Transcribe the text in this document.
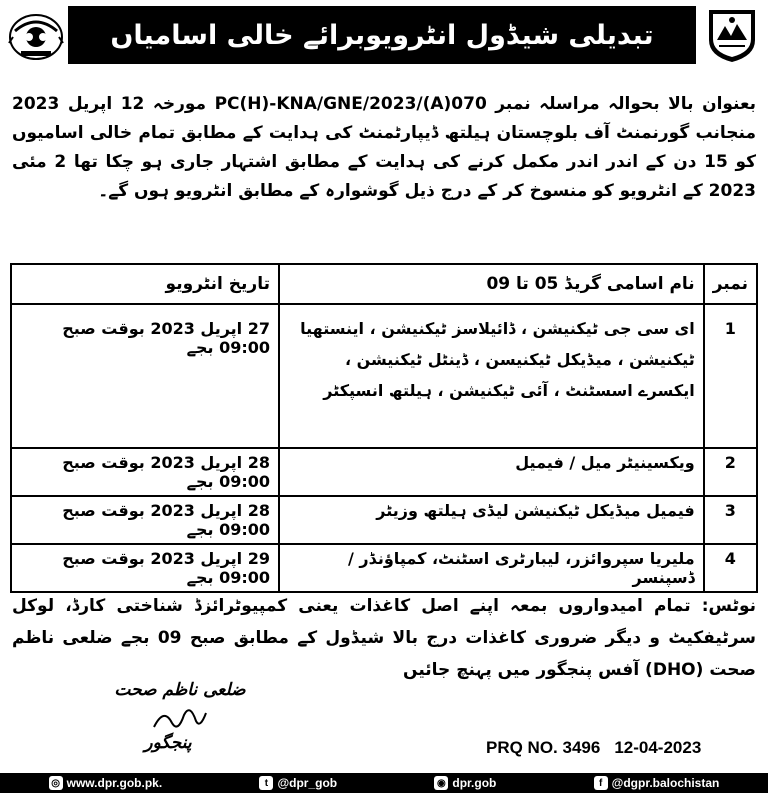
تبدیلی شیڈول انٹرویوبرائے خالی اسامیاں
بعنوان بالا بحوالہ مراسلہ نمبر PC(H)-KNA/GNE/2023/(A)070 مورخہ 12 اپریل 2023 منجانب گورنمنٹ آف بلوچستان ہیلتھ ڈیپارٹمنٹ کی ہدایت کے مطابق تمام خالی اسامیوں کو 15 دن کے اندر اندر مکمل کرنے کی ہدایت کے مطابق اشتہار جاری ہو چکا تھا 2 مئی 2023 کے انٹرویو کو منسوخ کر کے درج ذیل گوشوارہ کے مطابق انٹرویو ہوں گے۔
نمبر	نام اسامی گریڈ 05 تا 09	تاریخ انٹرویو
1	ای سی جی ٹیکنیشن ، ڈائیلاسز ٹیکنیشن ، اینستھیا ٹیکنیشن ، میڈیکل ٹیکنیسن ، ڈینٹل ٹیکنیشن ، ایکسرے اسسٹنٹ ، آئی ٹیکنیشن ، ہیلتھ انسپکٹر	27 اپریل 2023 بوقت صبح 09:00 بجے
2	ویکسینیٹر میل / فیمیل	28 اپریل 2023 بوقت صبح 09:00 بجے
3	فیمیل میڈیکل ٹیکنیشن لیڈی ہیلتھ وزیٹر	28 اپریل 2023 بوقت صبح 09:00 بجے
4	ملیریا سپروائزر، لیبارٹری اسٹنٹ، کمپاؤنڈر / ڈسپنسر	29 اپریل 2023 بوقت صبح 09:00 بجے
نوٹس: تمام امیدواروں بمعہ اپنے اصل کاغذات یعنی کمپیوٹرائزڈ شناختی کارڈ، لوکل سرٹیفکیٹ و دیگر ضروری کاغذات درج بالا شیڈول کے مطابق صبح 09 بجے ضلعی ناظم صحت (DHO) آفس پنجگور میں پہنچ جائیں
ضلعی ناظم صحت
پنجگور	PRQ NO. 3496 12-04-2023
◎ www.dpr.gob.pk.	t @dpr_gob	◉ dpr.gob	f @dgpr.balochistan
